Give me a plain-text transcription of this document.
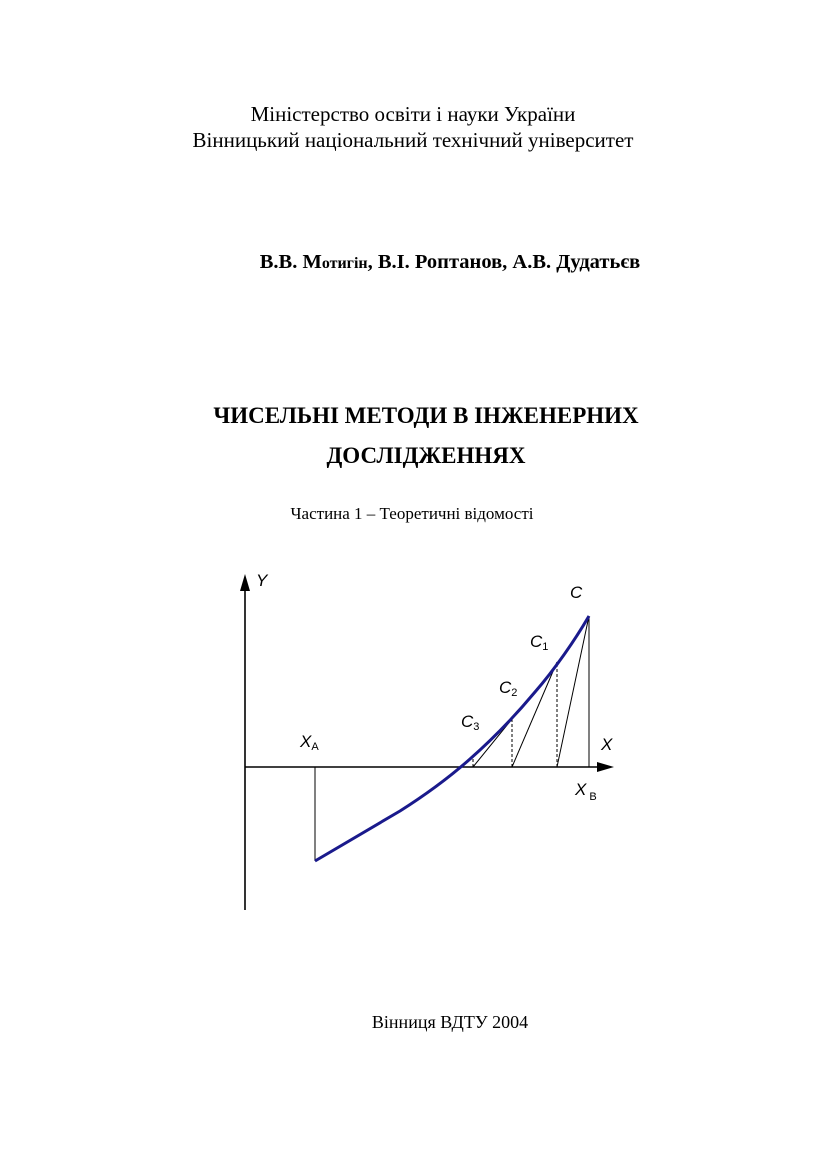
Міністерство освіти і науки України
Вінницький національний технічний університет
В.В. Мотигін, В.І. Роптанов, А.В. Дудатьєв
ЧИСЕЛЬНІ МЕТОДИ В ІНЖЕНЕРНИХ
ДОСЛІДЖЕННЯХ
Частина 1 – Теоретичні відомості
Y
X
XA
X $_B$
C
C1
C2
C3
Вінниця ВДТУ 2004
